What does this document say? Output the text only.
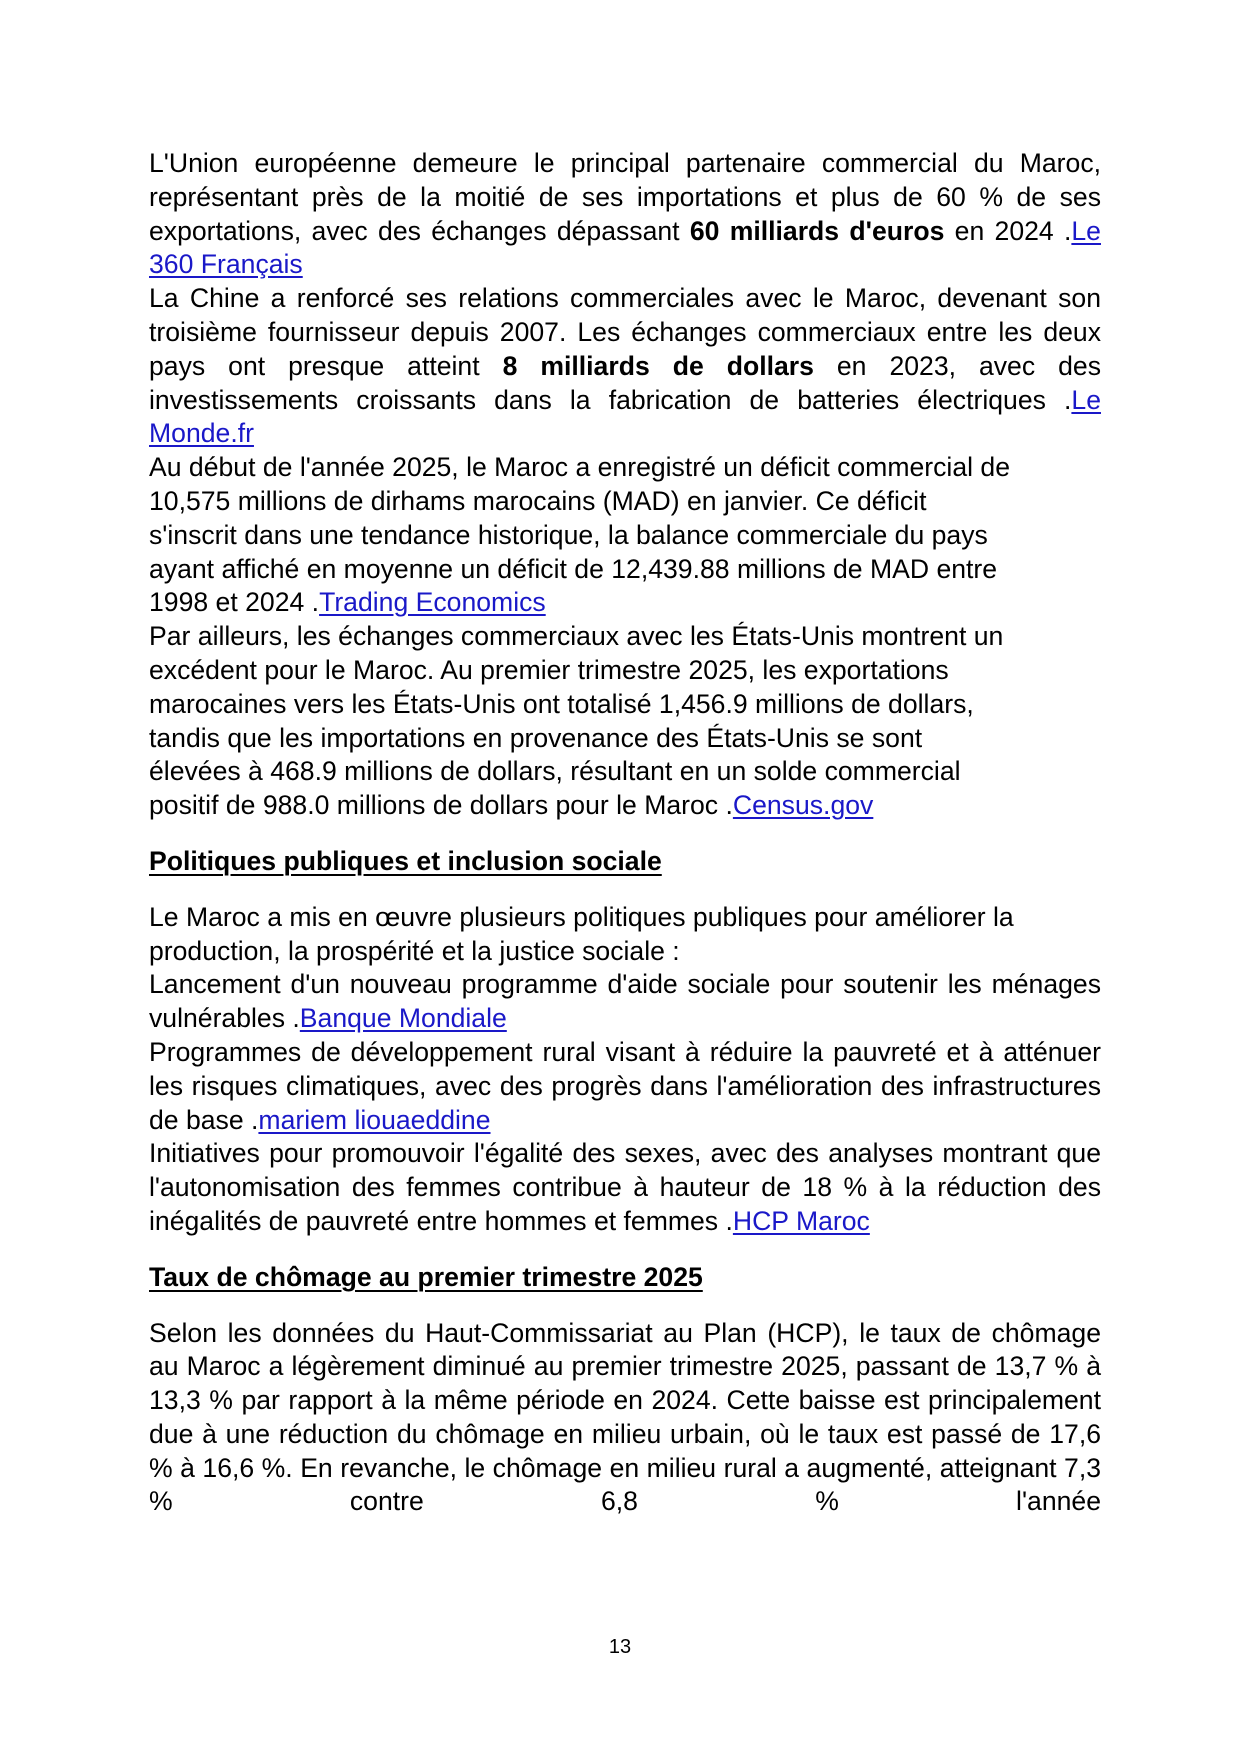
L'Union européenne demeure le principal partenaire commercial du Maroc, représentant près de la moitié de ses importations et plus de 60 % de ses exportations, avec des échanges dépassant 60 milliards d'euros en 2024 .Le 360 Français

La Chine a renforcé ses relations commerciales avec le Maroc, devenant son troisième fournisseur depuis 2007. Les échanges commerciaux entre les deux pays ont presque atteint 8 milliards de dollars en 2023, avec des investissements croissants dans la fabrication de batteries électriques .Le Monde.fr

Au début de l'année 2025, le Maroc a enregistré un déficit commercial de
10,575 millions de dirhams marocains (MAD) en janvier. Ce déficit
s'inscrit dans une tendance historique, la balance commerciale du pays
ayant affiché en moyenne un déficit de 12,439.88 millions de MAD entre
1998 et 2024 .Trading Economics
Par ailleurs, les échanges commerciaux avec les États-Unis montrent un
excédent pour le Maroc. Au premier trimestre 2025, les exportations
marocaines vers les États-Unis ont totalisé 1,456.9 millions de dollars,
tandis que les importations en provenance des États-Unis se sont
élevées à 468.9 millions de dollars, résultant en un solde commercial
positif de 988.0 millions de dollars pour le Maroc .Census.gov
Politiques publiques et inclusion sociale
Le Maroc a mis en œuvre plusieurs politiques publiques pour améliorer la
production, la prospérité et la justice sociale :

Lancement d'un nouveau programme d'aide sociale pour soutenir les ménages vulnérables .Banque Mondiale

Programmes de développement rural visant à réduire la pauvreté et à atténuer les risques climatiques, avec des progrès dans l'amélioration des infrastructures de base .mariem liouaeddine

Initiatives pour promouvoir l'égalité des sexes, avec des analyses montrant que l'autonomisation des femmes contribue à hauteur de 18 % à la réduction des inégalités de pauvreté entre hommes et femmes .HCP Maroc

Taux de chômage au premier trimestre 2025

Selon les données du Haut-Commissariat au Plan (HCP), le taux de chômage au Maroc a légèrement diminué au premier trimestre 2025, passant de 13,7 % à 13,3 % par rapport à la même période en 2024. Cette baisse est principalement due à une réduction du chômage en milieu urbain, où le taux est passé de 17,6 % à 16,6 %. En revanche, le chômage en milieu rural a augmenté, atteignant 7,3 % contre 6,8 % l'année

13
